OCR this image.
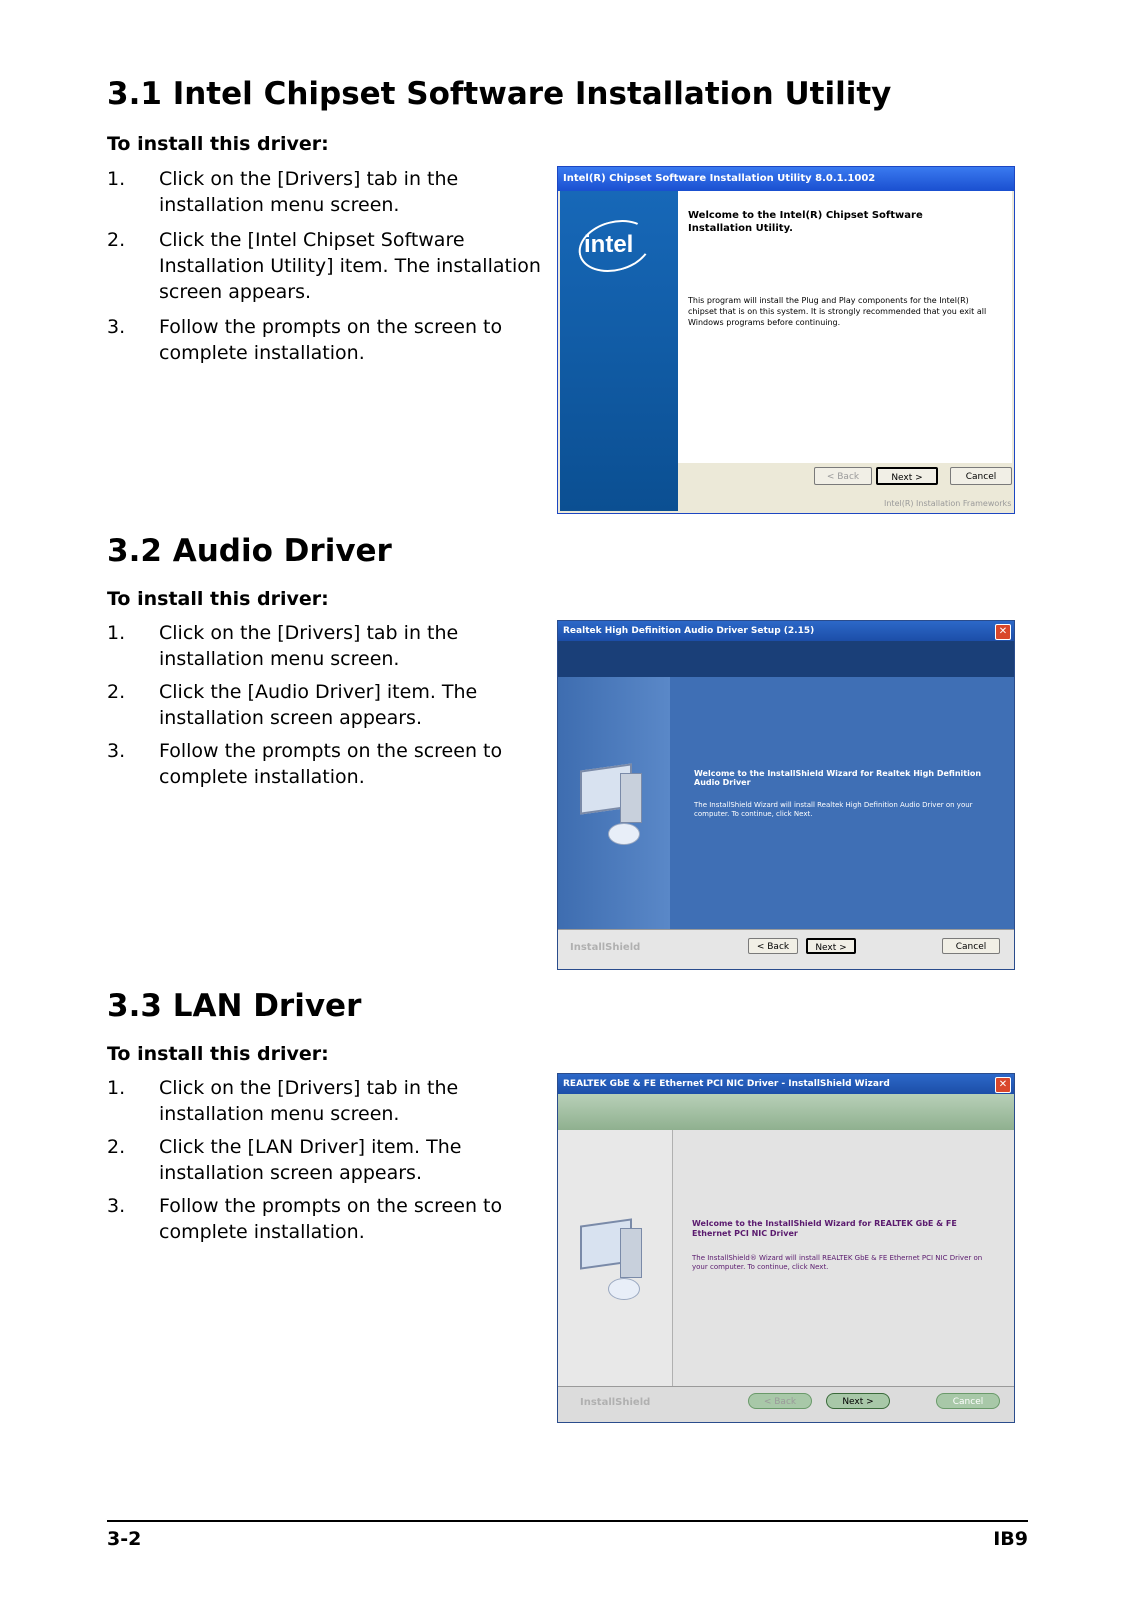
3.1 Intel Chipset Software Installation Utility

To install this driver:

1. Click on the [Drivers] tab in the installation menu screen.
2. Click the [Intel Chipset Software Installation Utility] item. The installation screen appears.
3. Follow the prompts on the screen to complete installation.
Intel(R) Chipset Software Installation Utility 8.0.1.1002
intel
Welcome to the Intel(R) Chipset Software Installation Utility.
This program will install the Plug and Play components for the Intel(R) chipset that is on this system. It is strongly recommended that you exit all Windows programs before continuing.
< Back	Next >	Cancel
Intel(R) Installation Frameworks
3.2 Audio Driver

To install this driver:

1. Click on the [Drivers] tab in the installation menu screen.
2. Click the [Audio Driver] item. The installation screen appears.
3. Follow the prompts on the screen to complete installation.
Realtek High Definition Audio Driver Setup (2.15)	✕
Welcome to the InstallShield Wizard for Realtek High Definition Audio Driver
The InstallShield Wizard will install Realtek High Definition Audio Driver on your computer. To continue, click Next.
InstallShield	< Back	Next >	Cancel
3.3 LAN Driver

To install this driver:

1. Click on the [Drivers] tab in the installation menu screen.
2. Click the [LAN Driver] item. The installation screen appears.
3. Follow the prompts on the screen to complete installation.
REALTEK GbE & FE Ethernet PCI NIC Driver - InstallShield Wizard	✕
Welcome to the InstallShield Wizard for REALTEK GbE & FE Ethernet PCI NIC Driver
The InstallShield® Wizard will install REALTEK GbE & FE Ethernet PCI NIC Driver on your computer. To continue, click Next.
InstallShield	< Back	Next >	Cancel
3-2	IB9
